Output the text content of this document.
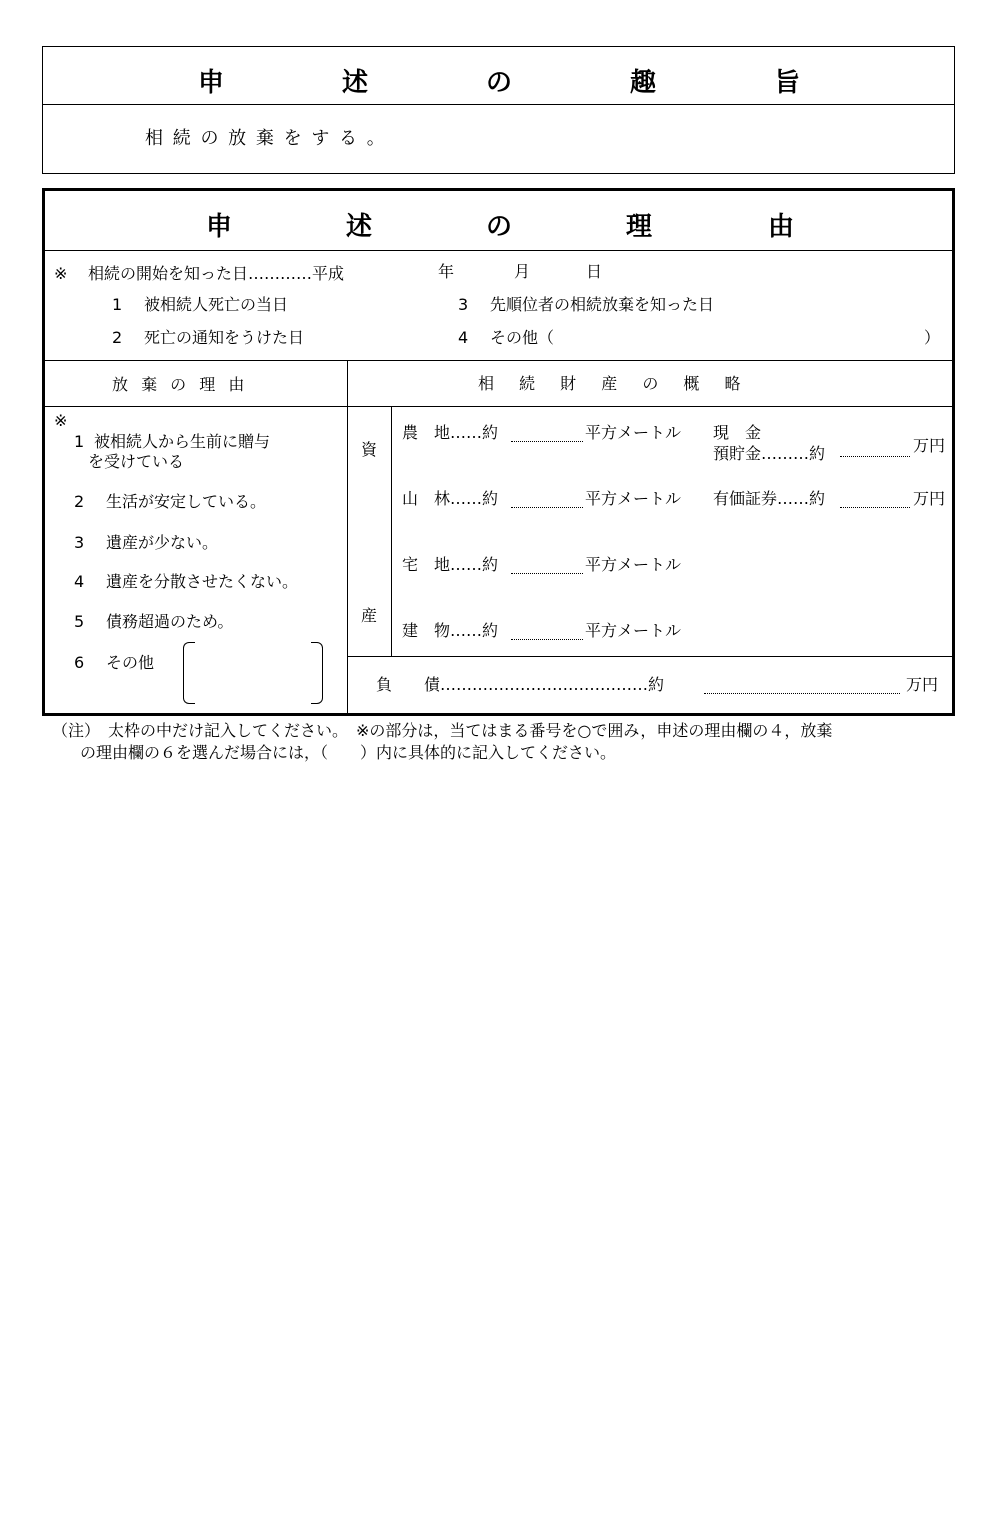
申	述	の	趣	旨
相 続 の 放 棄 を す る 。
申	述	の	理	由
※ 相続の開始を知った日…………平成	年	月	日
1 被相続人死亡の当日
2 死亡の通知をうけた日
3 先順位者の相続放棄を知った日
4 その他（	）
放 棄 の 理 由	相 続 財 産 の 概 略
※
1 被相続人から生前に贈与
を受けている
2 生活が安定している。
3 遺産が少ない。
4 遺産を分散させたくない。
5 債務超過のため。
6 その他
資
産
農　地……約	平方メートル 現　金
預貯金………約	万円
山　林……約	平方メートル 有価証券……約	万円
宅　地……約	平方メートル
建　物……約	平方メートル
負　　債…………………………………約	万円
（注）　太枠の中だけ記入してください。　※の部分は，当てはまる番号を○で囲み，申述の理由欄の４，放棄
の理由欄の６を選んだ場合には，（　　）内に具体的に記入してください。
